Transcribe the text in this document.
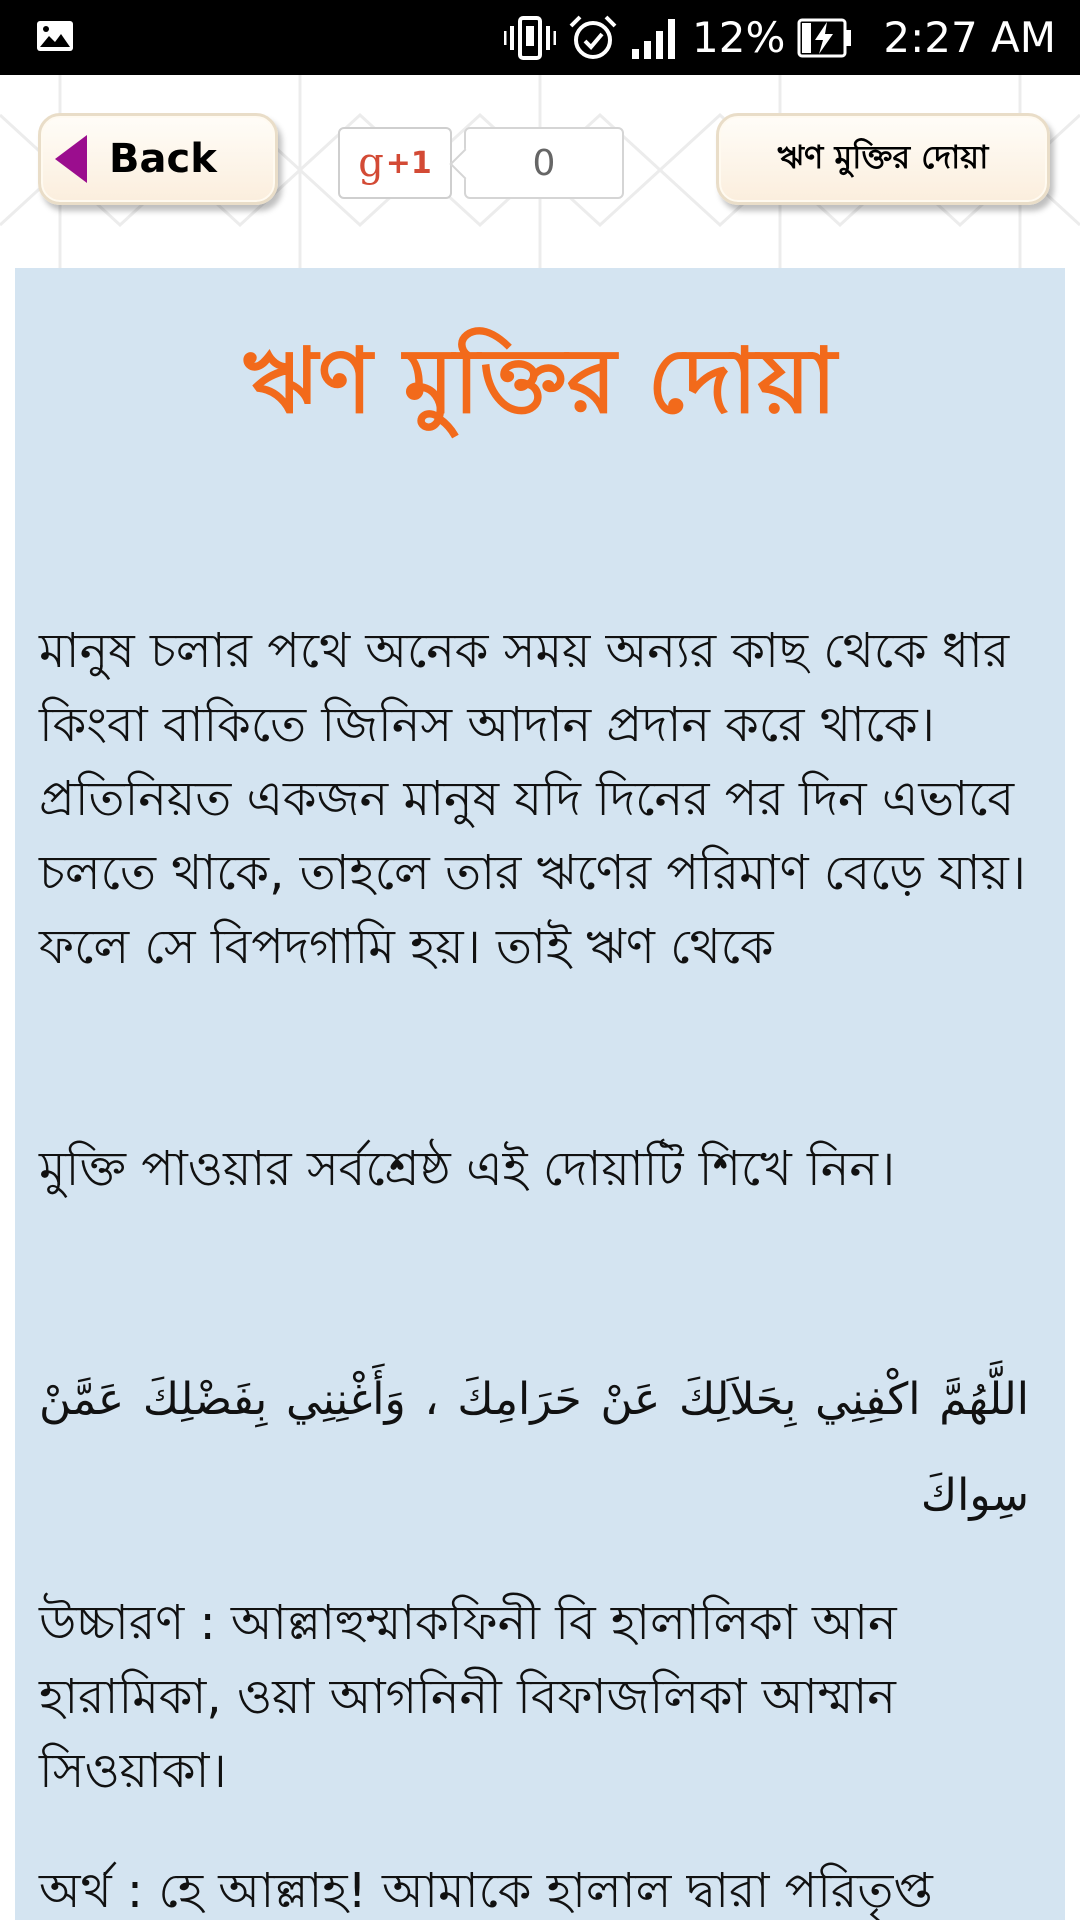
12% 2:27 AM
Back	g +1	0	ঋণ মুক্তির দোয়া
ঋণ মুক্তির দোয়া
মানুষ চলার পথে অনেক সময় অন্যর কাছ থেকে ধার কিংবা বাকিতে জিনিস আদান প্রদান করে থাকে। প্রতিনিয়ত একজন মানুষ যদি দিনের পর দিন এভাবে চলতে থাকে, তাহলে তার ঋণের পরিমাণ বেড়ে যায়। ফলে সে বিপদগামি হয়। তাই ঋণ থেকে
মুক্তি পাওয়ার সর্বশ্রেষ্ঠ এই দোয়াটি শিখে নিন।
اللَّهُمَّ اكْفِنِي بِحَلاَلِكَ عَنْ حَرَامِكَ ، وَأَغْنِنِي بِفَضْلِكَ عَمَّنْ سِواكَ
উচ্চারণ : আল্লাহুম্মাকফিনী বি হালালিকা আন হারামিকা, ওয়া আগনিনী বিফাজলিকা আম্মান সিওয়াকা।
অর্থ : হে আল্লাহ! আমাকে হালাল দ্বারা পরিতৃপ্ত
